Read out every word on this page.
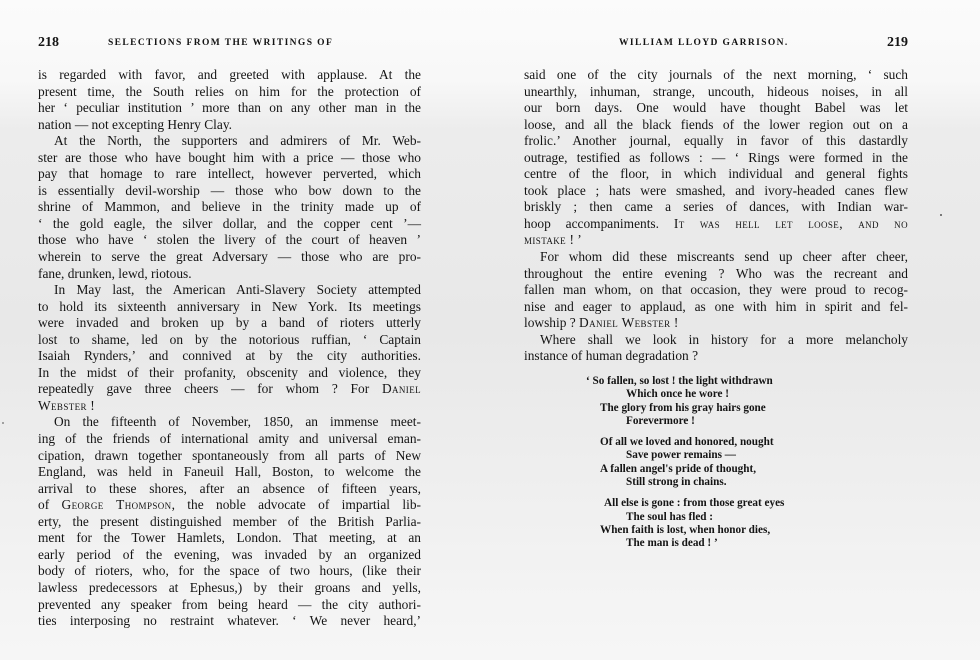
218	SELECTIONS FROM THE WRITINGS OF
is regarded with favor, and greeted with applause. At the
present time, the South relies on him for the protection of
her ‘ peculiar institution ’ more than on any other man in the
nation — not excepting Henry Clay.
At the North, the supporters and admirers of Mr. Web-
ster are those who have bought him with a price — those who
pay that homage to rare intellect, however perverted, which
is essentially devil-worship — those who bow down to the
shrine of Mammon, and believe in the trinity made up of
‘ the gold eagle, the silver dollar, and the copper cent ’—
those who have ‘ stolen the livery of the court of heaven ’
wherein to serve the great Adversary — those who are pro-
fane, drunken, lewd, riotous.
In May last, the American Anti-Slavery Society attempted
to hold its sixteenth anniversary in New York. Its meetings
were invaded and broken up by a band of rioters utterly
lost to shame, led on by the notorious ruffian, ‘ Captain
Isaiah Rynders,’ and connived at by the city authorities.
In the midst of their profanity, obscenity and violence, they
repeatedly gave three cheers — for whom ? For Daniel
Webster !
On the fifteenth of November, 1850, an immense meet-
ing of the friends of international amity and universal eman-
cipation, drawn together spontaneously from all parts of New
England, was held in Faneuil Hall, Boston, to welcome the
arrival to these shores, after an absence of fifteen years,
of George Thompson, the noble advocate of impartial lib-
erty, the present distinguished member of the British Parlia-
ment for the Tower Hamlets, London. That meeting, at an
early period of the evening, was invaded by an organized
body of rioters, who, for the space of two hours, (like their
lawless predecessors at Ephesus,) by their groans and yells,
prevented any speaker from being heard — the city authori-
ties interposing no restraint whatever. ‘ We never heard,’
WILLIAM LLOYD GARRISON.	219
said one of the city journals of the next morning, ‘ such
unearthly, inhuman, strange, uncouth, hideous noises, in all
our born days. One would have thought Babel was let
loose, and all the black fiends of the lower region out on a
frolic.’ Another journal, equally in favor of this dastardly
outrage, testified as follows : — ‘ Rings were formed in the
centre of the floor, in which individual and general fights
took place ; hats were smashed, and ivory-headed canes flew
briskly ; then came a series of dances, with Indian war-
hoop accompaniments. It was hell let loose, and no
mistake ! ’
For whom did these miscreants send up cheer after cheer,
throughout the entire evening ? Who was the recreant and
fallen man whom, on that occasion, they were proud to recog-
nise and eager to applaud, as one with him in spirit and fel-
lowship ? Daniel Webster !
Where shall we look in history for a more melancholy
instance of human degradation ?
‘ So fallen, so lost ! the light withdrawn
Which once he wore !
The glory from his gray hairs gone
Forevermore !
Of all we loved and honored, nought
Save power remains —
A fallen angel's pride of thought,
Still strong in chains.
All else is gone : from those great eyes
The soul has fled :
When faith is lost, when honor dies,
The man is dead ! ’
